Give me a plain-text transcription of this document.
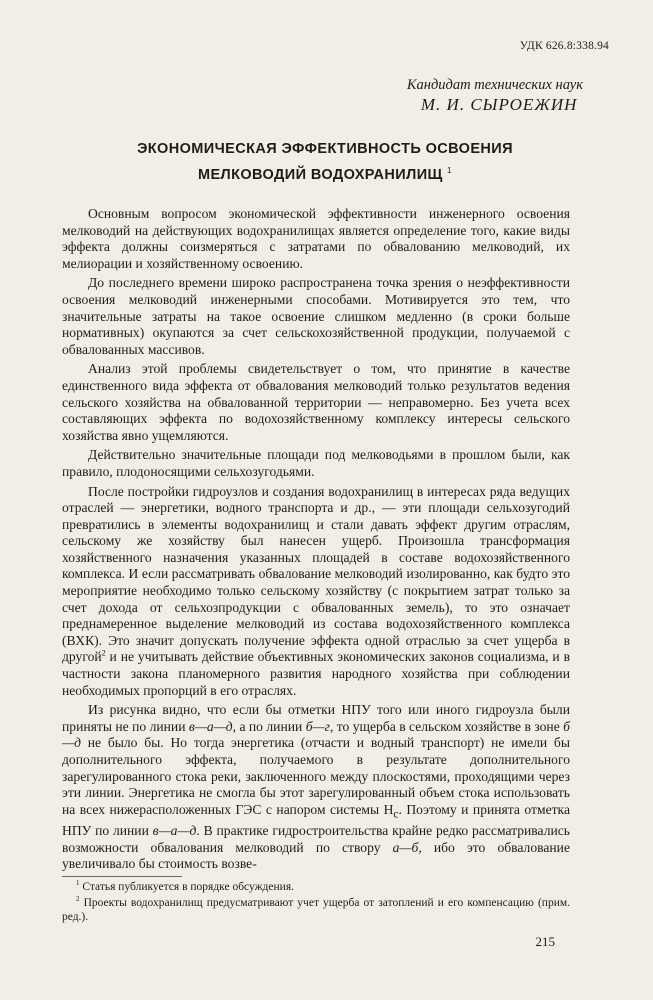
УДК 626.8:338.94
Кандидат технических наук
М. И. СЫРОЕЖИН
ЭКОНОМИЧЕСКАЯ ЭФФЕКТИВНОСТЬ ОСВОЕНИЯ
МЕЛКОВОДИЙ ВОДОХРАНИЛИЩ $^1$

Основным вопросом экономической эффективности инженерного освоения мелководий на действующих водохранилищах является определение того, какие виды эффекта должны соизмеряться с затратами по обвалованию мелководий, их мелиорации и хозяйственному освоению.

До последнего времени широко распространена точка зрения о неэффективности освоения мелководий инженерными способами. Мотивируется это тем, что значительные затраты на такое освоение слишком медленно (в сроки больше нормативных) окупаются за счет сельскохозяйственной продукции, получаемой с обвалованных массивов.

Анализ этой проблемы свидетельствует о том, что принятие в качестве единственного вида эффекта от обвалования мелководий только результатов ведения сельского хозяйства на обвалованной территории — неправомерно. Без учета всех составляющих эффекта по водохозяйственному комплексу интересы сельского хозяйства явно ущемляются.

Действительно значительные площади под мелководьями в прошлом были, как правило, плодоносящими сельхозугодьями.

После постройки гидроузлов и создания водохранилищ в интересах ряда ведущих отраслей — энергетики, водного транспорта и др., — эти площади сельхозугодий превратились в элементы водохранилищ и стали давать эффект другим отраслям, сельскому же хозяйству был нанесен ущерб. Произошла трансформация хозяйственного назначения указанных площадей в составе водохозяйственного комплекса. И если рассматривать обвалование мелководий изолированно, как будто это мероприятие необходимо только сельскому хозяйству (с покрытием затрат только за счет дохода от сельхозпродукции с обвалованных земель), то это означает преднамеренное выделение мелководий из состава водохозяйственного комплекса (ВХК). Это значит допускать получение эффекта одной отраслью за счет ущерба в другой$^2$ и не учитывать действие объективных экономических законов социализма, и в частности закона планомерного развития народного хозяйства при соблюдении необходимых пропорций в его отраслях.

Из рисунка видно, что если бы отметки НПУ того или иного гидроузла были приняты не по линии в—а—д, а по линии б—г, то ущерба в сельском хозяйстве в зоне б—д не было бы. Но тогда энергетика (отчасти и водный транспорт) не имели бы дополнительного эффекта, получаемого в результате дополнительного зарегулированного стока реки, заключенного между плоскостями, проходящими через эти линии. Энергетика не смогла бы этот зарегулированный объем стока использовать на всех нижерасположенных ГЭС с напором системы $Н_с$. Поэтому и принята отметка НПУ по линии в—а—д. В практике гидростроительства крайне редко рассматривались возможности обвалования мелководий по створу а—б, ибо это обвалование увеличивало бы стоимость возве-

$^1$ Статья публикуется в порядке обсуждения.

$^2$ Проекты водохранилищ предусматривают учет ущерба от затоплений и его компенсацию (прим. ред.).

215
